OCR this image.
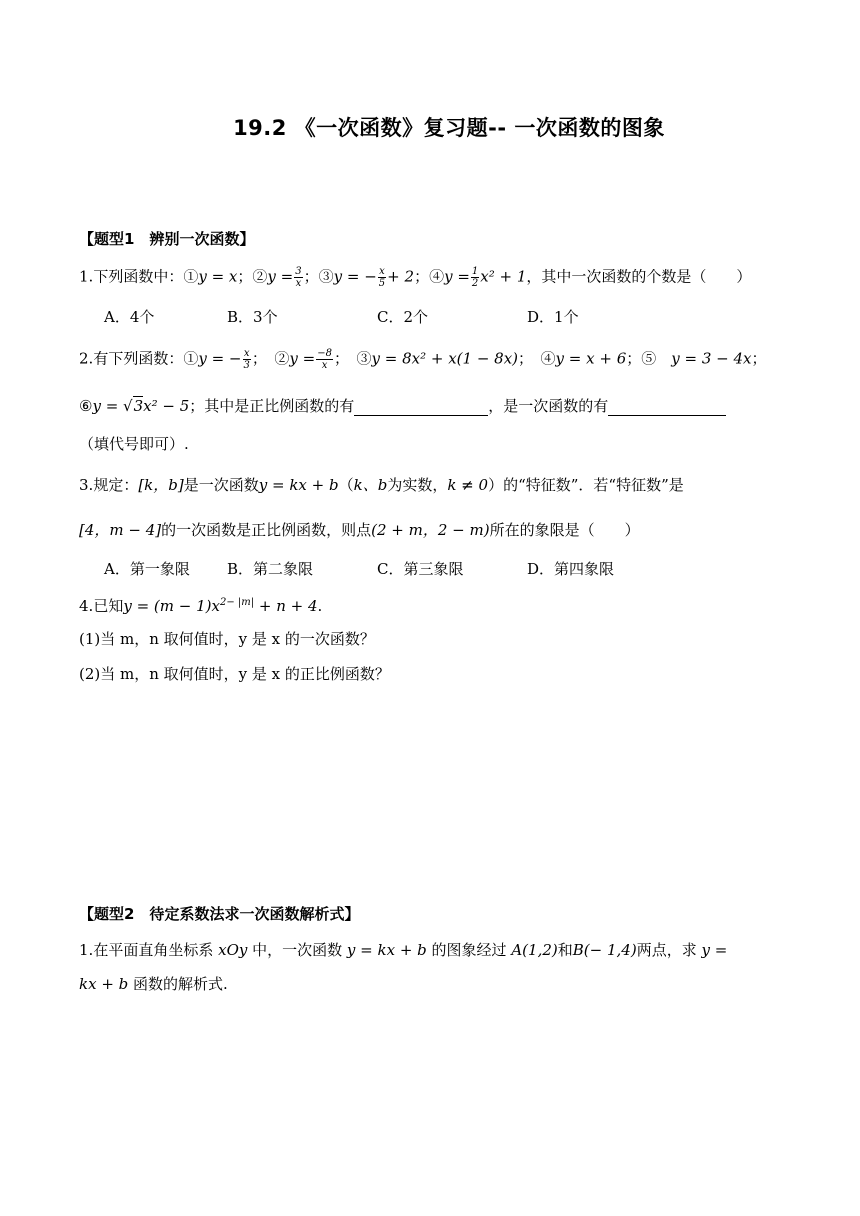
19.2 《一次函数》复习题-- 一次函数的图象
【题型1　辨别一次函数】
1.下列函数中：①y = x；②y = $\frac{3}{x}$ ；③y = − $\frac{x}{5} + 2$；④y = $\frac{1}{2} x^2 + 1$，其中一次函数的个数是（　　）
A．4个	B．3个	C．2个	D．1个
2.有下列函数：①y = − $\frac{x}{3}$ ；　②y = $\frac{-8}{x}$ ；　③y = 8x² + x(1 − 8x)；　④y = x + 6；⑤　 y = 3 − 4x；
⑥y = √3x² − 5；其中是正比例函数的有	，是一次函数的有
（填代号即可）.
3.规定：[k，b]是一次函数y = kx + b（k、b为实数，k ≠ 0）的“特征数”．若“特征数”是
[4，m − 4]的一次函数是正比例函数，则点(2 + m，2 − m)所在的象限是（　　）
A．第一象限 B．第二象限	C．第三象限	D．第四象限
4.已知$y = (m - 1)x^{2- |m|} + n + 4$.
(1)当 m，n 取何值时，y 是 x 的一次函数？
(2)当 m，n 取何值时，y 是 x 的正比例函数？
【题型2　待定系数法求一次函数解析式】
1.在平面直角坐标系 xOy 中，一次函数 y = kx + b 的图象经过 A(1,2)和B(− 1,4)两点，求 y =
kx + b 函数的解析式.
